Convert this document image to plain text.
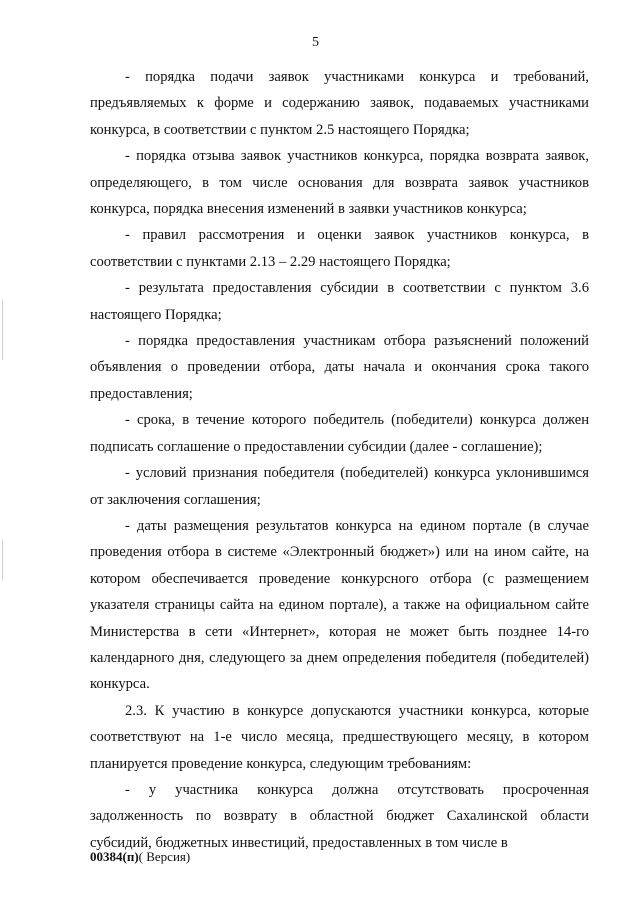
5

- порядка подачи заявок участниками конкурса и требований, предъявляемых к форме и содержанию заявок, подаваемых участниками конкурса, в соответствии с пунктом 2.5 настоящего Порядка;

- порядка отзыва заявок участников конкурса, порядка возврата заявок, определяющего, в том числе основания для возврата заявок участников конкурса, порядка внесения изменений в заявки участников конкурса;

- правил рассмотрения и оценки заявок участников конкурса, в соответствии с пунктами 2.13 – 2.29 настоящего Порядка;

- результата предоставления субсидии в соответствии с пунктом 3.6 настоящего Порядка;

- порядка предоставления участникам отбора разъяснений положений объявления о проведении отбора, даты начала и окончания срока такого предоставления;

- срока, в течение которого победитель (победители) конкурса должен подписать соглашение о предоставлении субсидии (далее - соглашение);

- условий признания победителя (победителей) конкурса уклонившимся от заключения соглашения;

- даты размещения результатов конкурса на едином портале (в случае проведения отбора в системе «Электронный бюджет») или на ином сайте, на котором обеспечивается проведение конкурсного отбора (с размещением указателя страницы сайта на едином портале), а также на официальном сайте Министерства в сети «Интернет», которая не может быть позднее 14-го календарного дня, следующего за днем определения победителя (победителей) конкурса.

2.3. К участию в конкурсе допускаются участники конкурса, которые соответствуют на 1-е число месяца, предшествующего месяцу, в котором планируется проведение конкурса, следующим требованиям:

- у участника конкурса должна отсутствовать просроченная задолженность по возврату в областной бюджет Сахалинской области субсидий, бюджетных инвестиций, предоставленных в том числе в

00384(п)( Версия)
